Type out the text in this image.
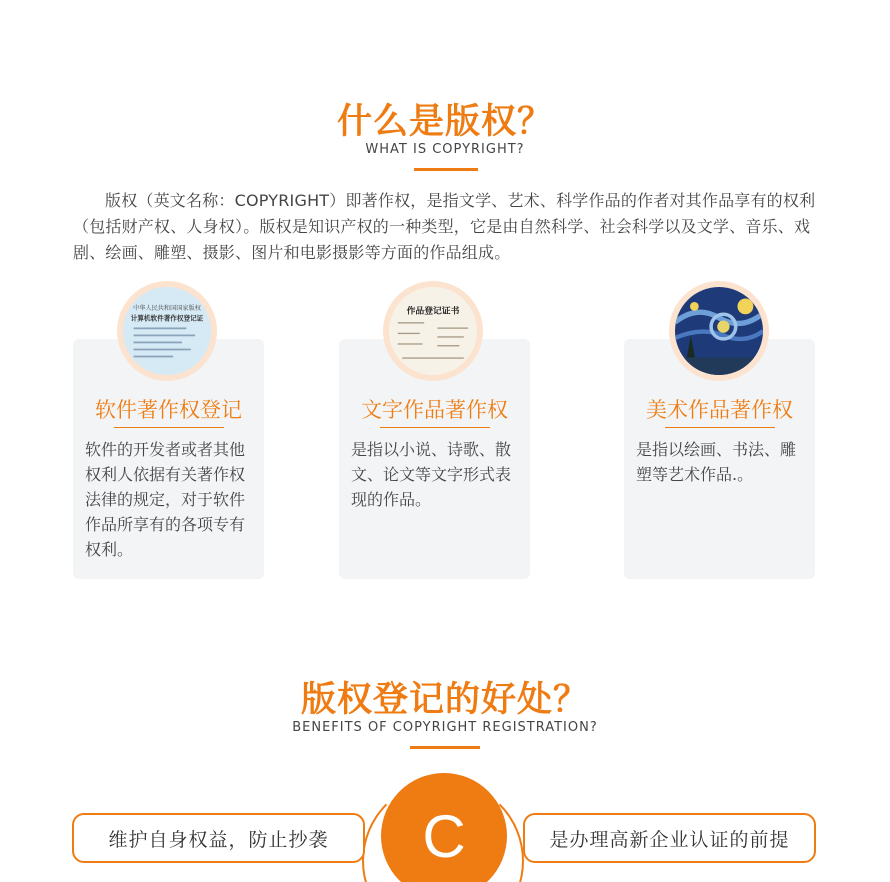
什么是版权？
WHAT IS COPYRIGHT?

版权（英文名称：COPYRIGHT）即著作权，是指文学、艺术、科学作品的作者对其作品享有的权利（包括财产权、人身权）。版权是知识产权的一种类型，它是由自然科学、社会科学以及文学、音乐、戏剧、绘画、雕塑、摄影、图片和电影摄影等方面的作品组成。

软件著作权登记
软件的开发者或者其他
权利人依据有关著作权
法律的规定，对于软件
作品所享有的各项专有
权利。
中华人民共和国国家版权
计算机软件著作权登记证
文字作品著作权
是指以小说、诗歌、散
文、论文等文字形式表
现的作品。
作品登记证书
美术作品著作权
是指以绘画、书法、雕
塑等艺术作品.。
版权登记的好处？
BENEFITS OF COPYRIGHT REGISTRATION?
维护自身权益，防止抄袭	是办理高新企业认证的前提
C
